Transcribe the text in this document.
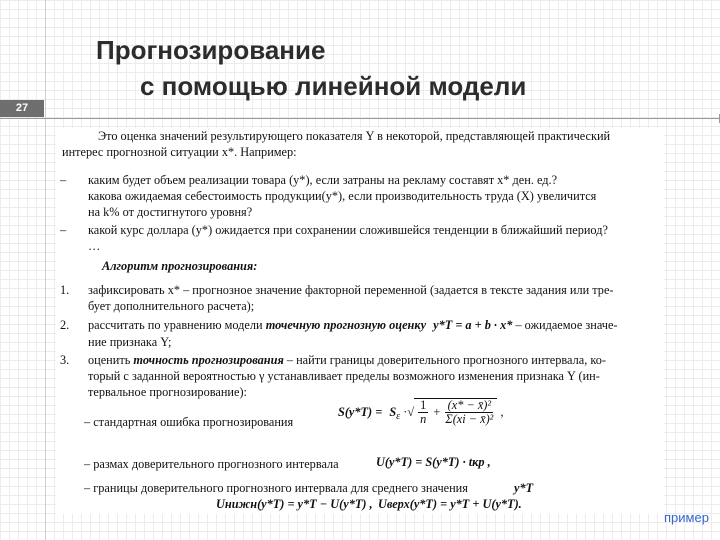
27
Прогнозирование
с помощью линейной модели
Это оценка значений результирующего показателя Y в некоторой, представляющей практический
интерес прогнозной ситуации x*. Например:
– каким будет объем реализации товара (y*), если затраны на рекламу составят x* ден. ед.?
какова ожидаемая себестоимость продукции(y*), если производительность труда (X) увеличится
на k% от достигнутого уровня?
– какой курс доллара (y*) ожидается при сохранении сложившейся тенденции в ближайший период?
…
Алгоритм прогнозирования:
1. зафиксировать x* – прогнозное значение факторной переменной (задается в тексте задания или тре-
бует дополнительного расчета);
2. рассчитать по уравнению модели точечную прогнозную оценку y*T = a + b · x* – ожидаемое значе-
ние признака Y;
3. оценить точность прогнозирования – найти границы доверительного прогнозного интервала, ко-
торый с заданной вероятностью γ устанавливает пределы возможного изменения признака Y (ин-
тервальное прогнозирование):
– стандартная ошибка прогнозирования
$S(y*T) = S_\varepsilon$ ·√ $\frac{1}{n} + \frac{\text{(x* − x̄)²}}{\text{Σ(xi − x̄)²}}$ ,
– размах доверительного прогнозного интервала	U(y*T) = S(y*T) · tкр ,
– границы доверительного прогнозного интервала для среднего значения	y*T
Uнижн(y*T) = y*T − U(y*T) , Uверх(y*T) = y*T + U(y*T).
пример
